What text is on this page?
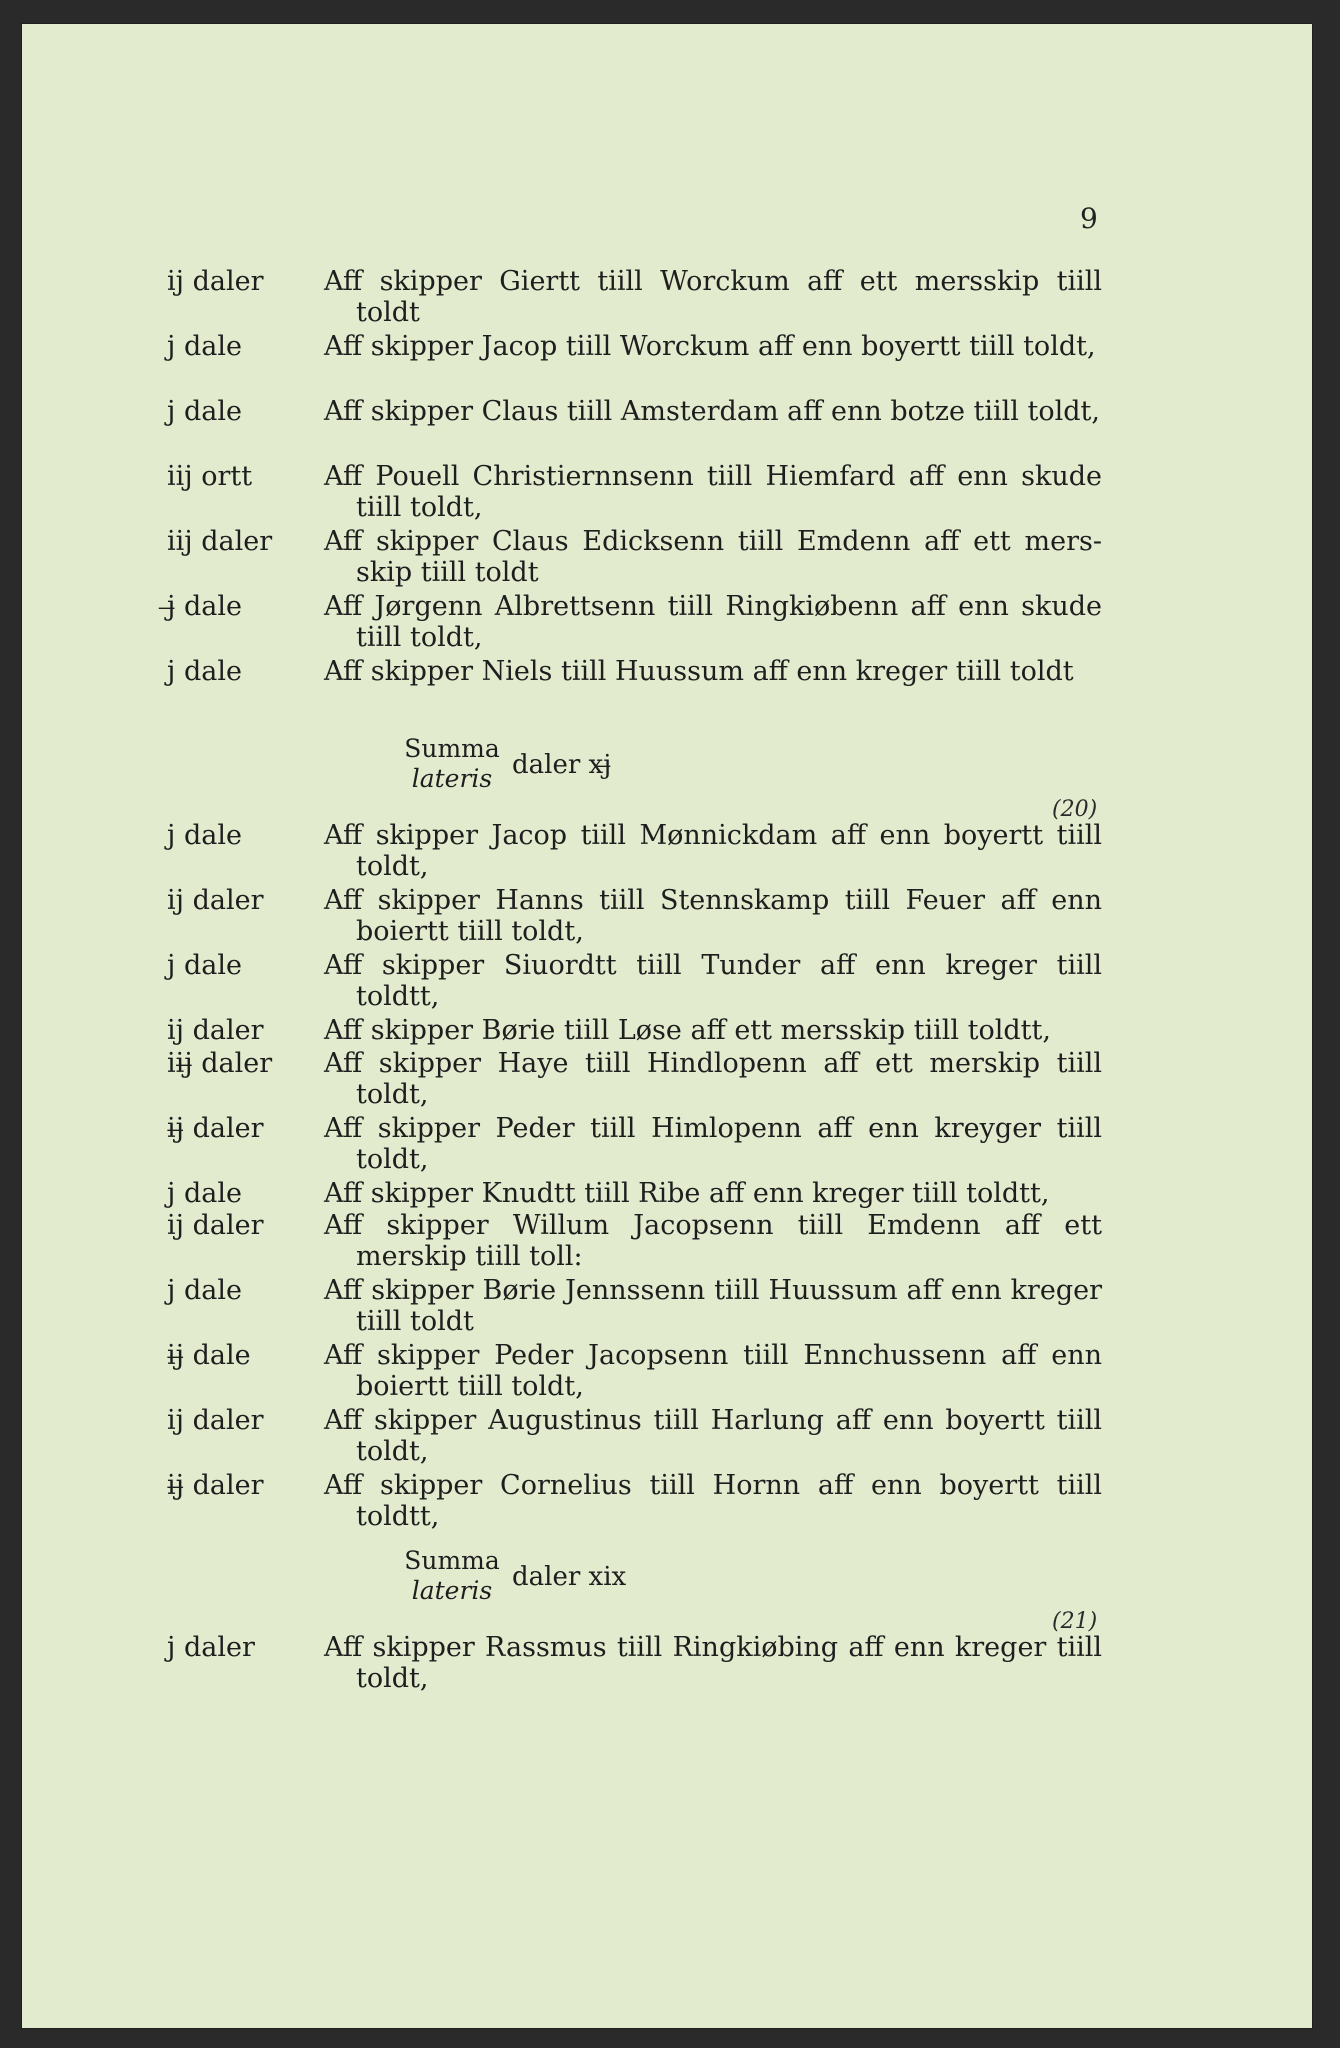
9
ij daler Aff skipper Giertt tiill Worckum aff ett mersskip tiill toldt
j dale	Aff skipper Jacop tiill Worckum aff enn boyertt tiill toldt,
j dale	Aff skipper Claus tiill Amsterdam aff enn botze tiill toldt,
iij ortt	Aff Pouell Christiernnsenn tiill Hiemfard aff enn skude tiill toldt,
iij daler Aff skipper Claus Edicksenn tiill Emdenn aff ett mers-skip tiill toldt
j̶ dale	Aff Jørgenn Albrettsenn tiill Ringkiøbenn aff enn skude tiill toldt,
j dale	Aff skipper Niels tiill Huussum aff enn kreger tiill toldt
Summa
lateris daler xj̶
(20)
j dale	Aff skipper Jacop tiill Mønnickdam aff enn boyertt tiill toldt,
ij daler Aff skipper Hanns tiill Stennskamp tiill Feuer aff enn boiertt tiill toldt,
j dale	Aff skipper Siuordtt tiill Tunder aff enn kreger tiill toldtt,
ij daler Aff skipper Børie tiill Løse aff ett mersskip tiill toldtt,
iij̶ daler Aff skipper Haye tiill Hindlopenn aff ett merskip tiill toldt,
ij̶ daler Aff skipper Peder tiill Himlopenn aff enn kreyger tiill toldt,
j dale	Aff skipper Knudtt tiill Ribe aff enn kreger tiill toldtt,
ij daler Aff skipper Willum Jacopsenn tiill Emdenn aff ett merskip tiill toll:
j dale	Aff skipper Børie Jennssenn tiill Huussum aff enn kreger tiill toldt
ij̶ dale	Aff skipper Peder Jacopsenn tiill Ennchussenn aff enn boiertt tiill toldt,
ij daler Aff skipper Augustinus tiill Harlung aff enn boyertt tiill toldt,
ij̶ daler Aff skipper Cornelius tiill Hornn aff enn boyertt tiill toldtt,
Summa
lateris daler xix
(21)
j daler	Aff skipper Rassmus tiill Ringkiøbing aff enn kreger tiill toldt,
